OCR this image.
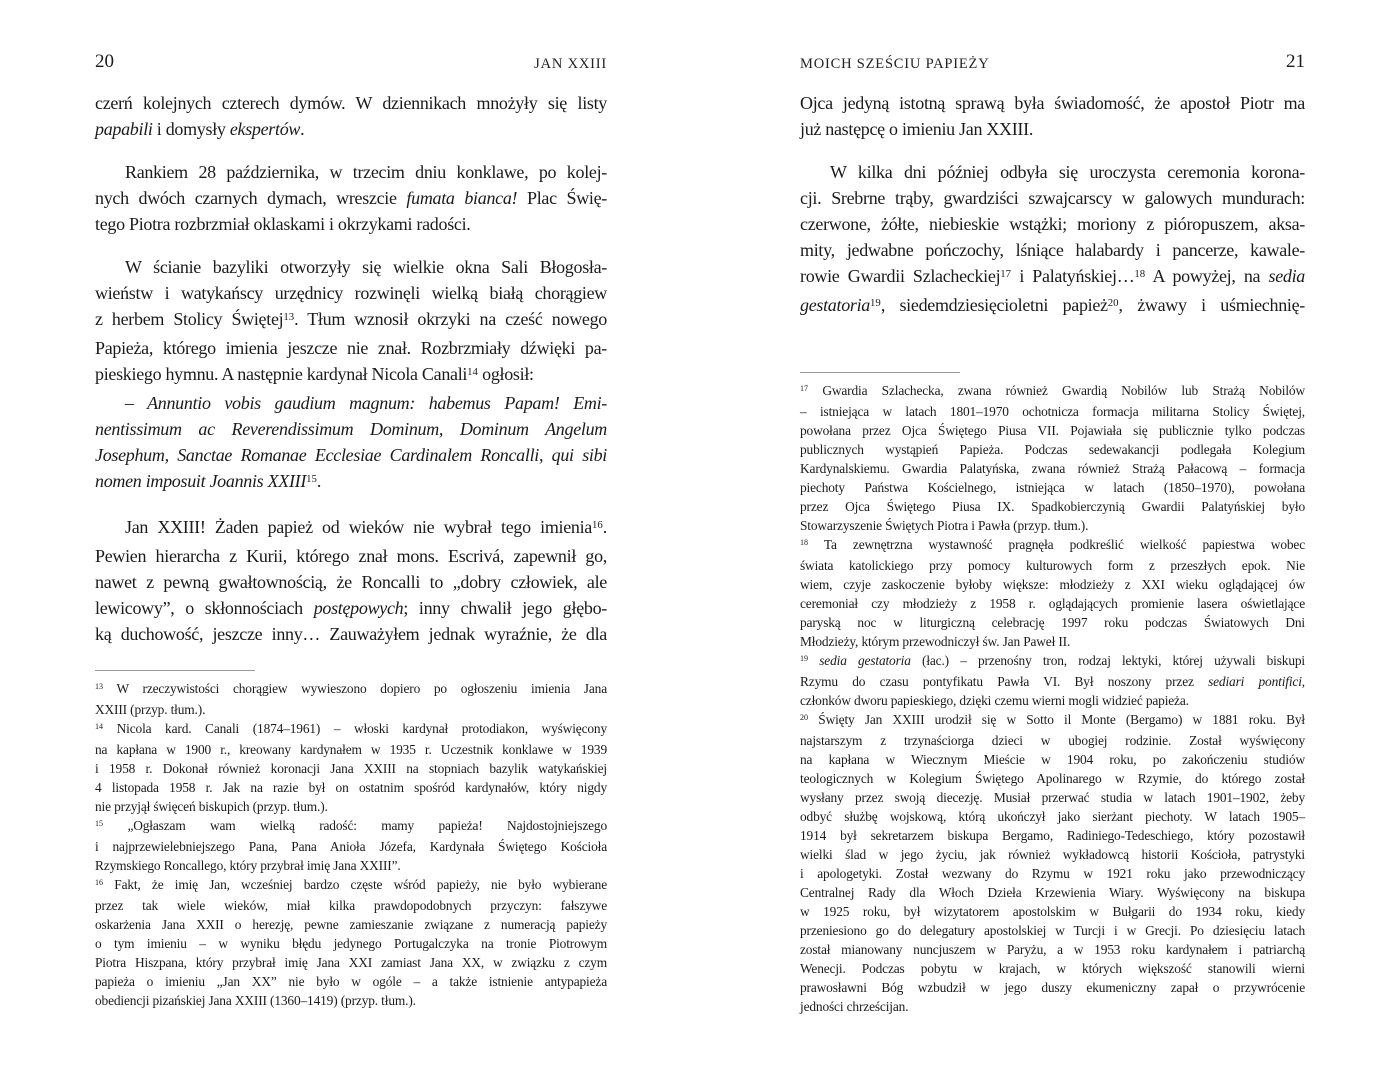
20	JAN XXIII
czerń kolejnych czterech dymów. W dziennikach mnożyły się listy
papabili i domysły ekspertów.
Rankiem 28 października, w trzecim dniu konklawe, po kolej-
nych dwóch czarnych dymach, wreszcie fumata bianca! Plac Świę-
tego Piotra rozbrzmiał oklaskami i okrzykami radości.
W ścianie bazyliki otworzyły się wielkie okna Sali Błogosła-
wieństw i watykańscy urzędnicy rozwinęli wielką białą chorągiew
z herbem Stolicy Świętej$^{13}$. Tłum wznosił okrzyki na cześć nowego
Papieża, którego imienia jeszcze nie znał. Rozbrzmiały dźwięki pa-
pieskiego hymnu. A następnie kardynał Nicola Canali$^{14}$ ogłosił:
– Annuntio vobis gaudium magnum: habemus Papam! Emi-
nentissimum ac Reverendissimum Dominum, Dominum Angelum
Josephum, Sanctae Romanae Ecclesiae Cardinalem Roncalli, qui sibi
nomen imposuit Joannis XXIII$^{15}$.
Jan XXIII! Żaden papież od wieków nie wybrał tego imienia$^{16}$.
Pewien hierarcha z Kurii, którego znał mons. Escrivá, zapewnił go,
nawet z pewną gwałtownością, że Roncalli to „dobry człowiek, ale
lewicowy”, o skłonnościach postępowych; inny chwalił jego głębo-
ką duchowość, jeszcze inny… Zauważyłem jednak wyraźnie, że dla
$^{13}$ W rzeczywistości chorągiew wywieszono dopiero po ogłoszeniu imienia Jana
XXIII (przyp. tłum.).
$^{14}$ Nicola kard. Canali (1874–1961) – włoski kardynał protodiakon, wyświęcony
na kapłana w 1900 r., kreowany kardynałem w 1935 r. Uczestnik konklawe w 1939
i 1958 r. Dokonał również koronacji Jana XXIII na stopniach bazylik watykańskiej
4 listopada 1958 r. Jak na razie był on ostatnim spośród kardynałów, który nigdy
nie przyjął święceń biskupich (przyp. tłum.).
$^{15}$ „Ogłaszam wam wielką radość: mamy papieża! Najdostojniejszego
i najprzewielebniejszego Pana, Pana Anioła Józefa, Kardynała Świętego Kościoła
Rzymskiego Roncallego, który przybrał imię Jana XXIII”.
$^{16}$ Fakt, że imię Jan, wcześniej bardzo częste wśród papieży, nie było wybierane
przez tak wiele wieków, miał kilka prawdopodobnych przyczyn: fałszywe
oskarżenia Jana XXII o herezję, pewne zamieszanie związane z numeracją papieży
o tym imieniu – w wyniku błędu jedynego Portugalczyka na tronie Piotrowym
Piotra Hiszpana, który przybrał imię Jana XXI zamiast Jana XX, w związku z czym
papieża o imieniu „Jan XX” nie było w ogóle – a także istnienie antypapieża
obediencji pizańskiej Jana XXIII (1360–1419) (przyp. tłum.).
MOICH SZEŚCIU PAPIEŻY	21
Ojca jedyną istotną sprawą była świadomość, że apostoł Piotr ma
już następcę o imieniu Jan XXIII.
W kilka dni później odbyła się uroczysta ceremonia korona-
cji. Srebrne trąby, gwardziści szwajcarscy w galowych mundurach:
czerwone, żółte, niebieskie wstążki; moriony z pióropuszem, aksa-
mity, jedwabne pończochy, lśniące halabardy i pancerze, kawale-
rowie Gwardii Szlacheckiej$^{17}$ i Palatyńskiej…$^{18}$ A powyżej, na sedia
gestatoria$^{19}$, siedemdziesięcioletni papież$^{20}$, żwawy i uśmiechnię-
$^{17}$ Gwardia Szlachecka, zwana również Gwardią Nobilów lub Strażą Nobilów
– istniejąca w latach 1801–1970 ochotnicza formacja militarna Stolicy Świętej,
powołana przez Ojca Świętego Piusa VII. Pojawiała się publicznie tylko podczas
publicznych wystąpień Papieża. Podczas sedewakancji podlegała Kolegium
Kardynalskiemu. Gwardia Palatyńska, zwana również Strażą Pałacową – formacja
piechoty Państwa Kościelnego, istniejąca w latach (1850–1970), powołana
przez Ojca Świętego Piusa IX. Spadkobierczynią Gwardii Palatyńskiej było
Stowarzyszenie Świętych Piotra i Pawła (przyp. tłum.).
$^{18}$ Ta zewnętrzna wystawność pragnęła podkreślić wielkość papiestwa wobec
świata katolickiego przy pomocy kulturowych form z przeszłych epok. Nie
wiem, czyje zaskoczenie byłoby większe: młodzieży z XXI wieku oglądającej ów
ceremoniał czy młodzieży z 1958 r. oglądających promienie lasera oświetlające
paryską noc w liturgiczną celebrację 1997 roku podczas Światowych Dni
Młodzieży, którym przewodniczył św. Jan Paweł II.
$^{19}$ sedia gestatoria (łac.) – przenośny tron, rodzaj lektyki, której używali biskupi
Rzymu do czasu pontyfikatu Pawła VI. Był noszony przez sediari pontifici,
członków dworu papieskiego, dzięki czemu wierni mogli widzieć papieża.
$^{20}$ Święty Jan XXIII urodził się w Sotto il Monte (Bergamo) w 1881 roku. Był
najstarszym z trzynaściorga dzieci w ubogiej rodzinie. Został wyświęcony
na kapłana w Wiecznym Mieście w 1904 roku, po zakończeniu studiów
teologicznych w Kolegium Świętego Apolinarego w Rzymie, do którego został
wysłany przez swoją diecezję. Musiał przerwać studia w latach 1901–1902, żeby
odbyć służbę wojskową, którą ukończył jako sierżant piechoty. W latach 1905–
1914 był sekretarzem biskupa Bergamo, Radiniego-Tedeschiego, który pozostawił
wielki ślad w jego życiu, jak również wykładowcą historii Kościoła, patrystyki
i apologetyki. Został wezwany do Rzymu w 1921 roku jako przewodniczący
Centralnej Rady dla Włoch Dzieła Krzewienia Wiary. Wyświęcony na biskupa
w 1925 roku, był wizytatorem apostolskim w Bułgarii do 1934 roku, kiedy
przeniesiono go do delegatury apostolskiej w Turcji i w Grecji. Po dziesięciu latach
został mianowany nuncjuszem w Paryżu, a w 1953 roku kardynałem i patriarchą
Wenecji. Podczas pobytu w krajach, w których większość stanowili wierni
prawosławni Bóg wzbudził w jego duszy ekumeniczny zapał o przywrócenie
jedności chrześcijan.
